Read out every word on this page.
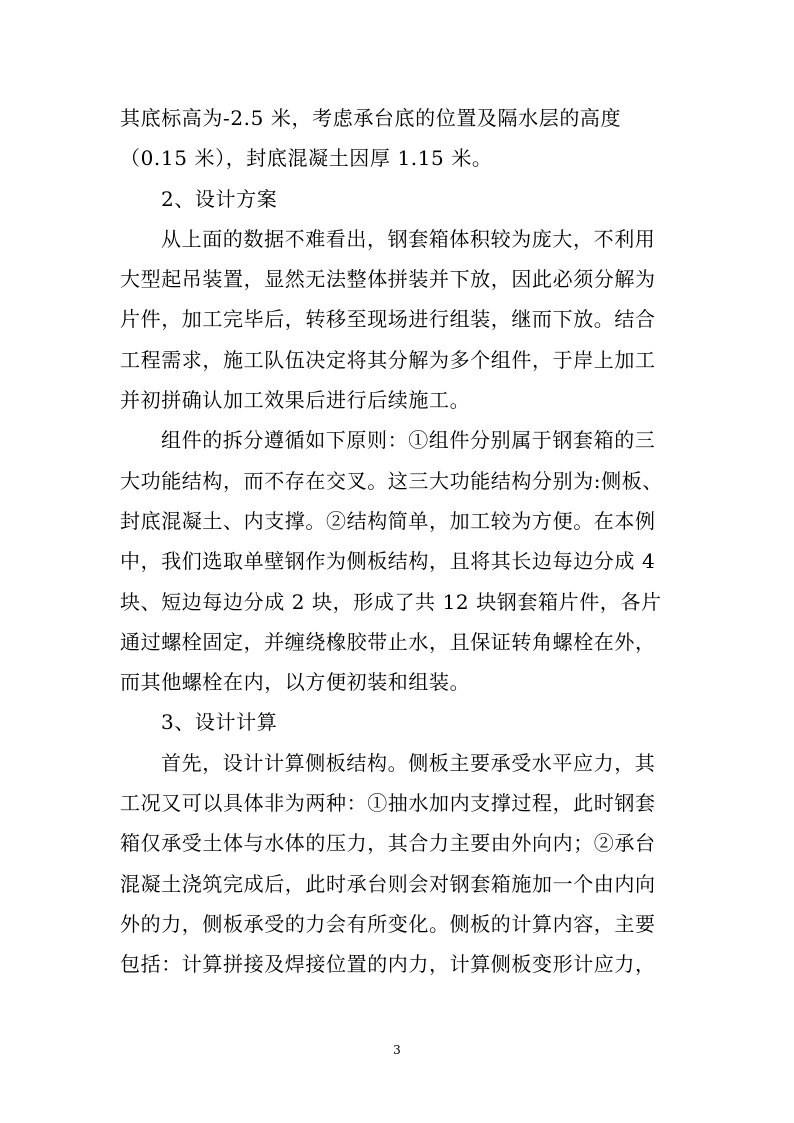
其底标高为-2.5 米，考虑承台底的位置及隔水层的高度
（0.15 米），封底混凝土因厚 1.15 米。
2、设计方案
从上面的数据不难看出，钢套箱体积较为庞大，不利用
大型起吊装置，显然无法整体拼装并下放，因此必须分解为
片件，加工完毕后，转移至现场进行组装，继而下放。结合
工程需求，施工队伍决定将其分解为多个组件，于岸上加工
并初拼确认加工效果后进行后续施工。
组件的拆分遵循如下原则：①组件分别属于钢套箱的三
大功能结构，而不存在交叉。这三大功能结构分别为:侧板、
封底混凝土、内支撑。②结构简单，加工较为方便。在本例
中，我们选取单壁钢作为侧板结构，且将其长边每边分成 4
块、短边每边分成 2 块，形成了共 12 块钢套箱片件，各片
通过螺栓固定，并缠绕橡胶带止水，且保证转角螺栓在外，
而其他螺栓在内，以方便初装和组装。
3、设计计算
首先，设计计算侧板结构。侧板主要承受水平应力，其
工况又可以具体非为两种：①抽水加内支撑过程，此时钢套
箱仅承受土体与水体的压力，其合力主要由外向内；②承台
混凝土浇筑完成后，此时承台则会对钢套箱施加一个由内向
外的力，侧板承受的力会有所变化。侧板的计算内容，主要
包括：计算拼接及焊接位置的内力，计算侧板变形计应力，
3
